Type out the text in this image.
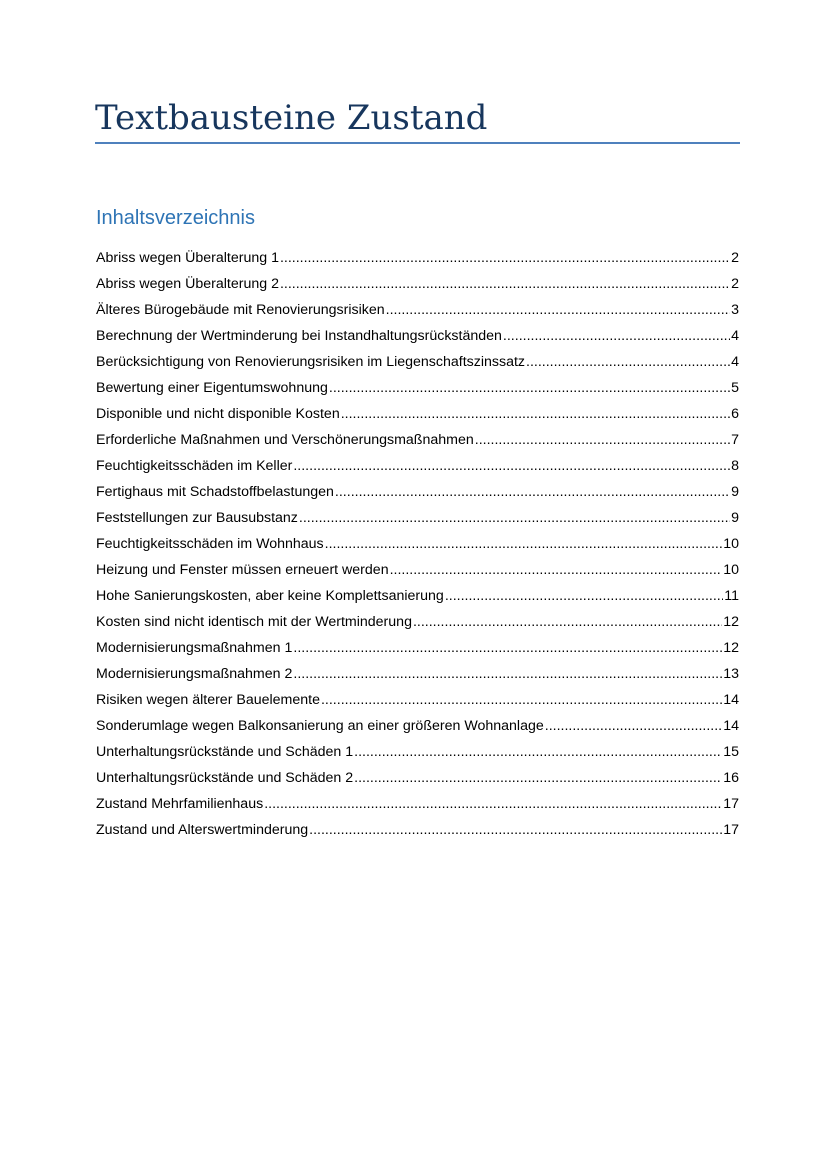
Textbausteine Zustand
Inhaltsverzeichnis
Abriss wegen Überalterung 1 .....	2
Abriss wegen Überalterung 2 .....	2
Älteres Bürogebäude mit Renovierungsrisiken .....	3
Berechnung der Wertminderung bei Instandhaltungsrückständen .....	4
Berücksichtigung von Renovierungsrisiken im Liegenschaftszinssatz .....	4
Bewertung einer Eigentumswohnung .....	5
Disponible und nicht disponible Kosten .....	6
Erforderliche Maßnahmen und Verschönerungsmaßnahmen .....	7
Feuchtigkeitsschäden im Keller .....	8
Fertighaus mit Schadstoffbelastungen .....	9
Feststellungen zur Bausubstanz .....	9
Feuchtigkeitsschäden im Wohnhaus .....	10
Heizung und Fenster müssen erneuert werden .....	10
Hohe Sanierungskosten, aber keine Komplettsanierung .....	11
Kosten sind nicht identisch mit der Wertminderung .....	12
Modernisierungsmaßnahmen 1 .....	12
Modernisierungsmaßnahmen 2 .....	13
Risiken wegen älterer Bauelemente .....	14
Sonderumlage wegen Balkonsanierung an einer größeren Wohnanlage .....	14
Unterhaltungsrückstände und Schäden 1 .....	15
Unterhaltungsrückstände und Schäden 2 .....	16
Zustand Mehrfamilienhaus .....	17
Zustand und Alterswertminderung .....	17
